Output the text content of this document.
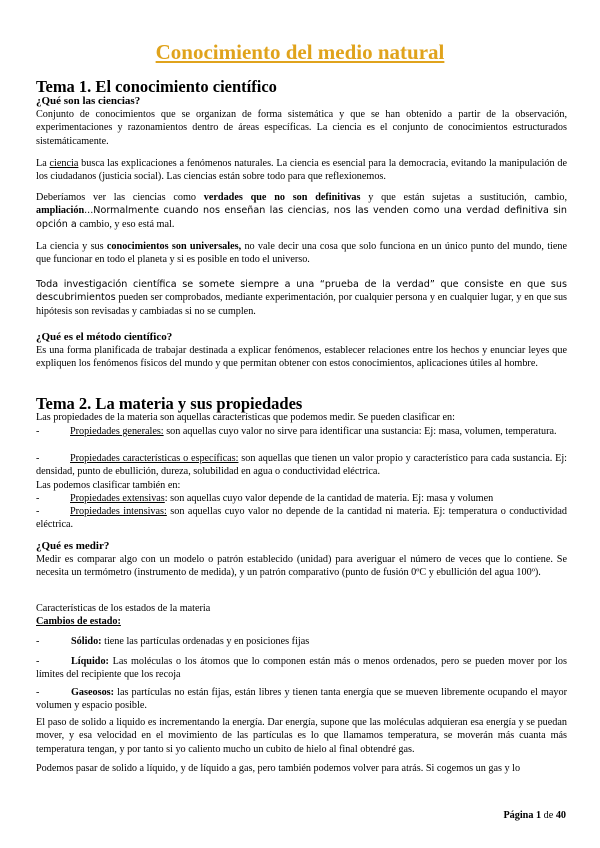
Conocimiento del medio natural
Tema 1. El conocimiento científico
¿Qué son las ciencias?
Conjunto de conocimientos que se organizan de forma sistemática y que se han obtenido a partir de la observación, experimentaciones y razonamientos dentro de áreas específicas. La ciencia es el conjunto de conocimientos estructurados sistemáticamente.
La ciencia busca las explicaciones a fenómenos naturales. La ciencia es esencial para la democracia, evitando la manipulación de los ciudadanos (justicia social). Las ciencias están sobre todo para que reflexionemos.
Deberíamos ver las ciencias como verdades que no son definitivas y que están sujetas a sustitución, cambio, ampliación...Normalmente cuando nos enseñan las ciencias, nos las venden como una verdad definitiva sin opción a cambio, y eso está mal.
La ciencia y sus conocimientos son universales, no vale decir una cosa que solo funciona en un único punto del mundo, tiene que funcionar en todo el planeta y si es posible en todo el universo.
Toda investigación científica se somete siempre a una “prueba de la verdad” que consiste en que sus descubrimientos pueden ser comprobados, mediante experimentación, por cualquier persona y en cualquier lugar, y en que sus hipótesis son revisadas y cambiadas si no se cumplen.
¿Qué es el método científico?
Es una forma planificada de trabajar destinada a explicar fenómenos, establecer relaciones entre los hechos y enunciar leyes que expliquen los fenómenos físicos del mundo y que permitan obtener con estos conocimientos, aplicaciones útiles al hombre.
Tema 2. La materia y sus propiedades
Las propiedades de la materia son aquellas características que podemos medir. Se pueden clasificar en:
-	Propiedades generales: son aquellas cuyo valor no sirve para identificar una sustancia: Ej: masa, volumen, temperatura.
-	Propiedades características o específicas: son aquellas que tienen un valor propio y característico para cada sustancia. Ej: densidad, punto de ebullición, dureza, solubilidad en agua o conductividad eléctrica.
Las podemos clasificar también en:
-	Propiedades extensivas: son aquellas cuyo valor depende de la cantidad de materia. Ej: masa y volumen
-	Propiedades intensivas: son aquellas cuyo valor no depende de la cantidad ni materia. Ej: temperatura o conductividad eléctrica.
¿Qué es medir?
Medir es comparar algo con un modelo o patrón establecido (unidad) para averiguar el número de veces que lo contiene. Se necesita un termómetro (instrumento de medida), y un patrón comparativo (punto de fusión 0ºC y ebullición del agua 100º).
Características de los estados de la materia
Cambios de estado:
-	Sólido: tiene las partículas ordenadas y en posiciones fijas
-	Líquido: Las moléculas o los átomos que lo componen están más o menos ordenados, pero se pueden mover por los límites del recipiente que los recoja
-	Gaseosos: las partículas no están fijas, están libres y tienen tanta energía que se mueven libremente ocupando el mayor volumen y espacio posible.
El paso de solido a liquido es incrementando la energía. Dar energía, supone que las moléculas adquieran esa energía y se puedan mover, y esa velocidad en el movimiento de las partículas es lo que llamamos temperatura, se moverán más cuanta más temperatura tengan, y por tanto si yo caliento mucho un cubito de hielo al final obtendré gas.
Podemos pasar de solido a líquido, y de líquido a gas, pero también podemos volver para atrás. Si cogemos un gas y lo
Página 1 de 40
